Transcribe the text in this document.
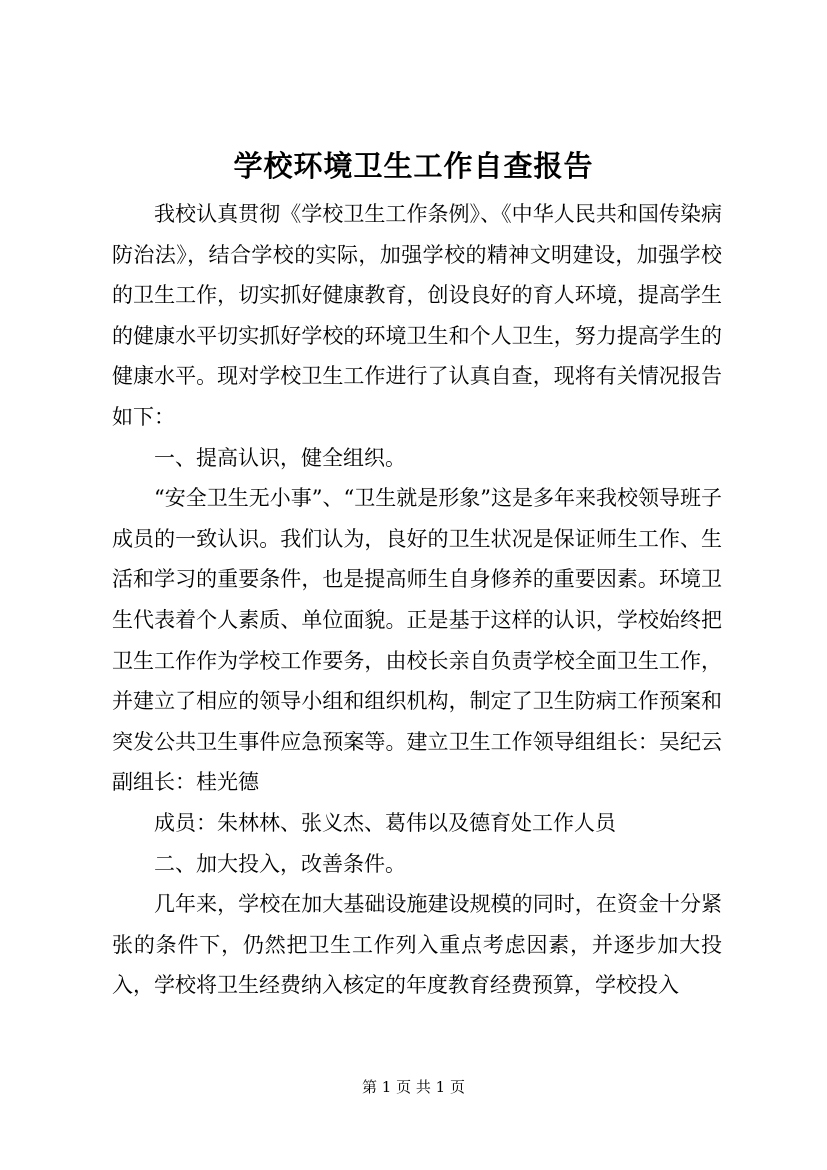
学校环境卫生工作自查报告

我校认真贯彻《学校卫生工作条例》、《中华人民共和国传染病防治法》，结合学校的实际，加强学校的精神文明建设，加强学校的卫生工作，切实抓好健康教育，创设良好的育人环境，提高学生的健康水平切实抓好学校的环境卫生和个人卫生，努力提高学生的健康水平。现对学校卫生工作进行了认真自查，现将有关情况报告如下：

一、提高认识，健全组织。

“安全卫生无小事”、“卫生就是形象”这是多年来我校领导班子成员的一致认识。我们认为，良好的卫生状况是保证师生工作、生活和学习的重要条件，也是提高师生自身修养的重要因素。环境卫生代表着个人素质、单位面貌。正是基于这样的认识，学校始终把卫生工作作为学校工作要务，由校长亲自负责学校全面卫生工作，并建立了相应的领导小组和组织机构，制定了卫生防病工作预案和突发公共卫生事件应急预案等。建立卫生工作领导组组长：吴纪云副组长：桂光德

成员：朱林林、张义杰、葛伟以及德育处工作人员

二、加大投入，改善条件。

几年来，学校在加大基础设施建设规模的同时，在资金十分紧张的条件下，仍然把卫生工作列入重点考虑因素，并逐步加大投入，学校将卫生经费纳入核定的年度教育经费预算，学校投入

第 1 页 共 1 页
